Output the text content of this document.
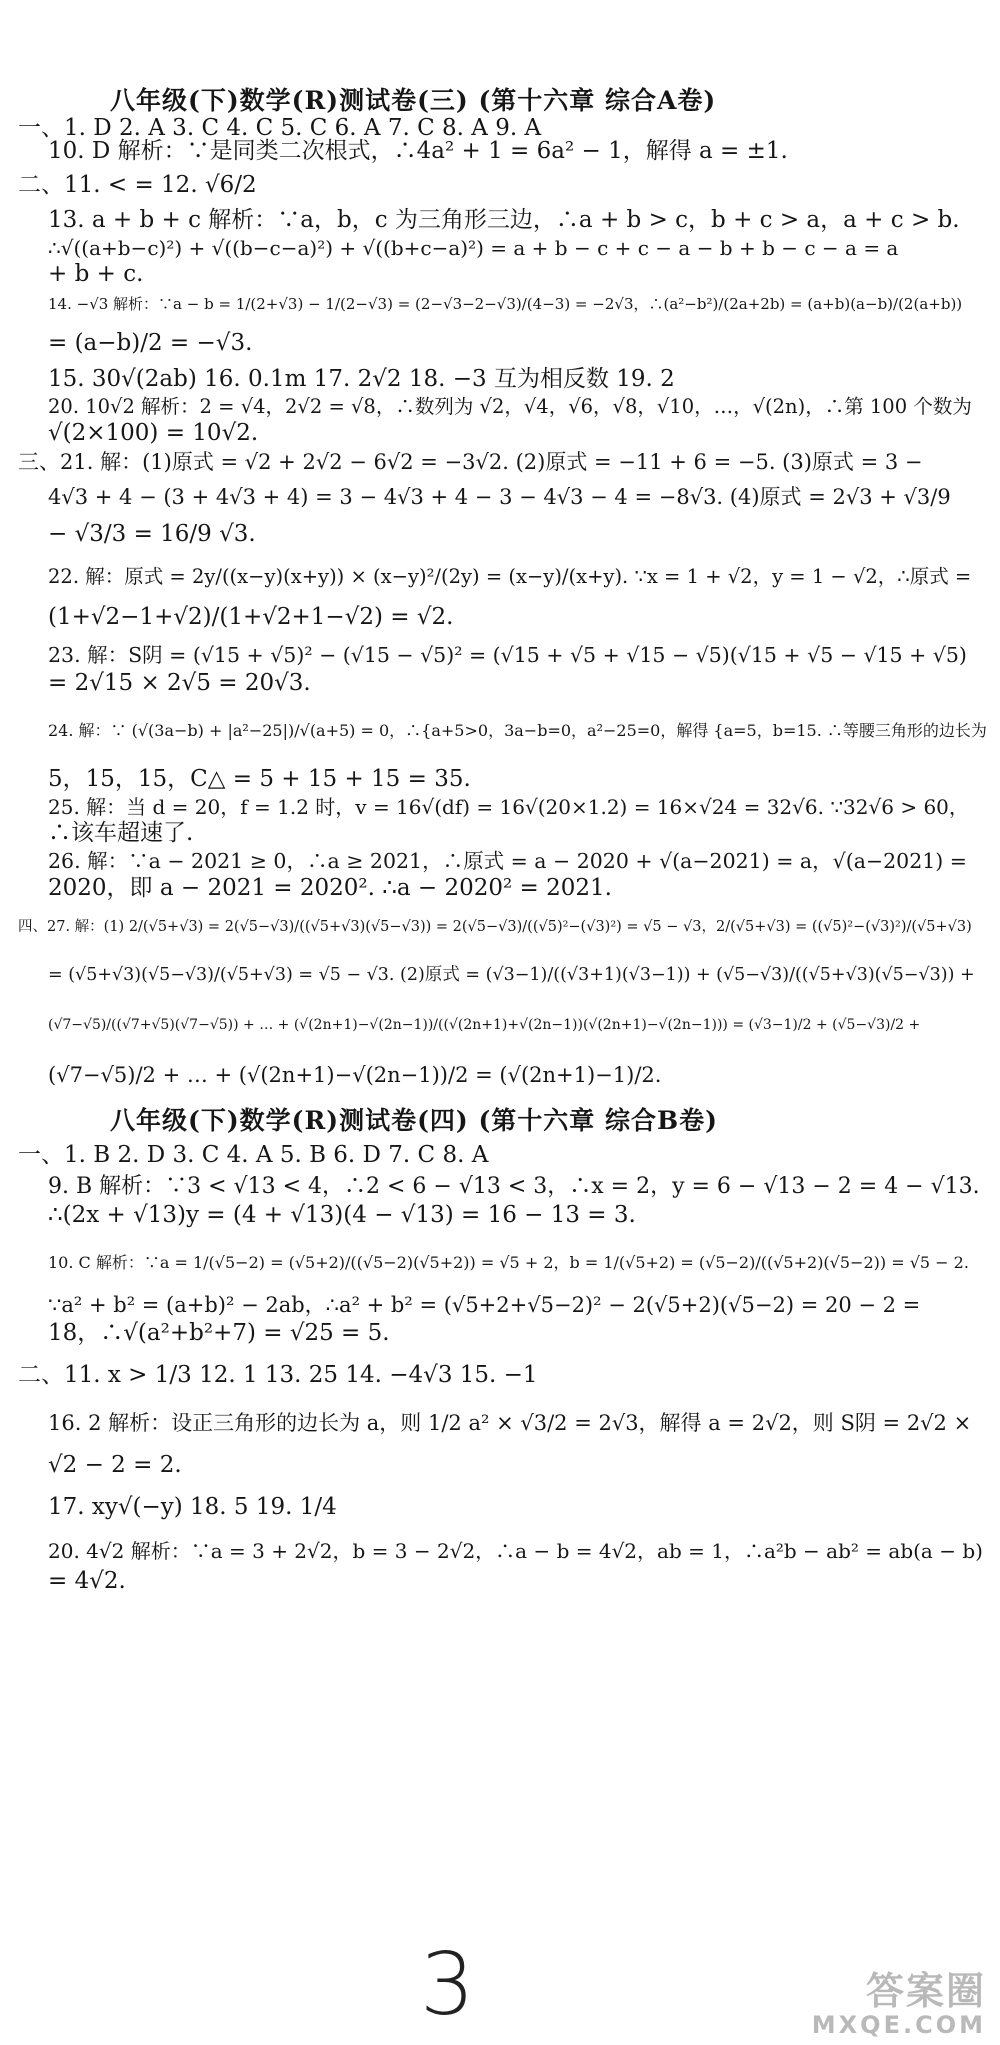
八年级(下)数学(R)测试卷(三) (第十六章 综合A卷)
一、1. D 2. A 3. C 4. C 5. C 6. A 7. C 8. A 9. A
10. D 解析：∵是同类二次根式，∴4a² + 1 = 6a² − 1，解得 a = ±1.
二、11. < = 12. √6/2
13. a + b + c 解析：∵a，b，c 为三角形三边，∴a + b > c，b + c > a，a + c > b.
∴√((a+b−c)²) + √((b−c−a)²) + √((b+c−a)²) = a + b − c + c − a − b + b − c − a = a
+ b + c.
14. −√3 解析：∵a − b = 1/(2+√3) − 1/(2−√3) = (2−√3−2−√3)/(4−3) = −2√3，∴(a²−b²)/(2a+2b) = (a+b)(a−b)/(2(a+b))
= (a−b)/2 = −√3.
15. 30√(2ab) 16. 0.1m 17. 2√2 18. −3 互为相反数 19. 2
20. 10√2 解析：2 = √4，2√2 = √8，∴数列为 √2，√4，√6，√8，√10，…，√(2n)，∴第 100 个数为
√(2×100) = 10√2.
三、21. 解：(1)原式 = √2 + 2√2 − 6√2 = −3√2. (2)原式 = −11 + 6 = −5. (3)原式 = 3 −
4√3 + 4 − (3 + 4√3 + 4) = 3 − 4√3 + 4 − 3 − 4√3 − 4 = −8√3. (4)原式 = 2√3 + √3/9
− √3/3 = 16/9 √3.
22. 解：原式 = 2y/((x−y)(x+y)) × (x−y)²/(2y) = (x−y)/(x+y). ∵x = 1 + √2，y = 1 − √2，∴原式 =
(1+√2−1+√2)/(1+√2+1−√2) = √2.
23. 解：S阴 = (√15 + √5)² − (√15 − √5)² = (√15 + √5 + √15 − √5)(√15 + √5 − √15 + √5)
= 2√15 × 2√5 = 20√3.
24. 解：∵ (√(3a−b) + |a²−25|)/√(a+5) = 0，∴{a+5>0，3a−b=0，a²−25=0，解得 {a=5，b=15. ∴等腰三角形的边长为
5，15，15，C△ = 5 + 15 + 15 = 35.
25. 解：当 d = 20，f = 1.2 时，v = 16√(df) = 16√(20×1.2) = 16×√24 = 32√6. ∵32√6 > 60，
∴该车超速了.
26. 解：∵a − 2021 ≥ 0，∴a ≥ 2021，∴原式 = a − 2020 + √(a−2021) = a，√(a−2021) =
2020，即 a − 2021 = 2020². ∴a − 2020² = 2021.
四、27. 解：(1) 2/(√5+√3) = 2(√5−√3)/((√5+√3)(√5−√3)) = 2(√5−√3)/((√5)²−(√3)²) = √5 − √3，2/(√5+√3) = ((√5)²−(√3)²)/(√5+√3)
= (√5+√3)(√5−√3)/(√5+√3) = √5 − √3. (2)原式 = (√3−1)/((√3+1)(√3−1)) + (√5−√3)/((√5+√3)(√5−√3)) +
(√7−√5)/((√7+√5)(√7−√5)) + … + (√(2n+1)−√(2n−1))/((√(2n+1)+√(2n−1))(√(2n+1)−√(2n−1))) = (√3−1)/2 + (√5−√3)/2 +
(√7−√5)/2 + … + (√(2n+1)−√(2n−1))/2 = (√(2n+1)−1)/2.
八年级(下)数学(R)测试卷(四) (第十六章 综合B卷)
一、1. B 2. D 3. C 4. A 5. B 6. D 7. C 8. A
9. B 解析：∵3 < √13 < 4，∴2 < 6 − √13 < 3，∴x = 2，y = 6 − √13 − 2 = 4 − √13.
∴(2x + √13)y = (4 + √13)(4 − √13) = 16 − 13 = 3.
10. C 解析：∵a = 1/(√5−2) = (√5+2)/((√5−2)(√5+2)) = √5 + 2，b = 1/(√5+2) = (√5−2)/((√5+2)(√5−2)) = √5 − 2.
∵a² + b² = (a+b)² − 2ab，∴a² + b² = (√5+2+√5−2)² − 2(√5+2)(√5−2) = 20 − 2 =
18，∴√(a²+b²+7) = √25 = 5.
二、11. x > 1/3 12. 1 13. 25 14. −4√3 15. −1
16. 2 解析：设正三角形的边长为 a，则 1/2 a² × √3/2 = 2√3，解得 a = 2√2，则 S阴 = 2√2 ×
√2 − 2 = 2.
17. xy√(−y) 18. 5 19. 1/4
20. 4√2 解析：∵a = 3 + 2√2，b = 3 − 2√2，∴a − b = 4√2，ab = 1，∴a²b − ab² = ab(a − b)
= 4√2.
3	答案圈
MXQE.COM
